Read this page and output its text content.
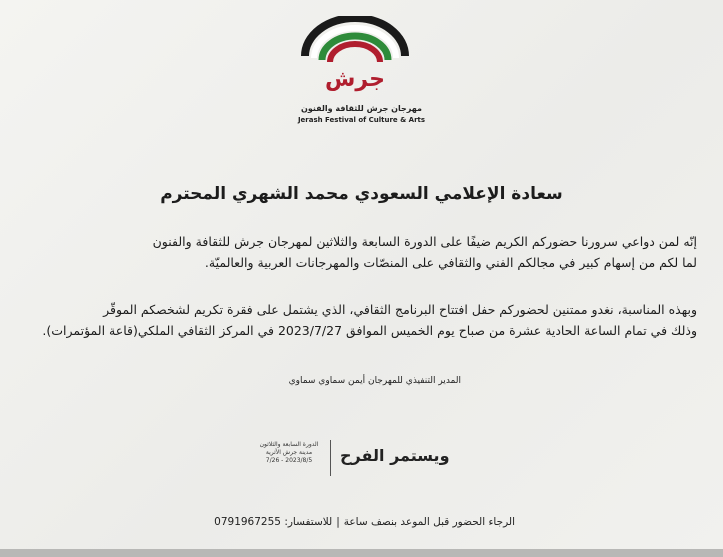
جرش
مهرجان جرش للثقافة والفنون
Jerash Festival of Culture & Arts
سعادة الإعلامي السعودي محمد الشهري المحترم
إنّه لمن دواعي سرورنا حضوركم الكريم ضيفًا على الدورة السابعة والثلاثين لمهرجان جرش للثقافة والفنون
لما لكم من إسهام كبير في مجالكم الفني والثقافي على المنصّات والمهرجانات العربية والعالميّة.
وبهذه المناسبة، نغدو ممتنين لحضوركم حفل افتتاح البرنامج الثقافي، الذي يشتمل على فقرة تكريم لشخصكم الموقّر
وذلك في تمام الساعة الحادية عشرة من صباح يوم الخميس الموافق 2023/7/27 في المركز الثقافي الملكي(قاعة المؤتمرات).
المدير التنفيذي للمهرجان أيمن سماوي سماوي
ويستمر الفرح
الدورة السابعة والثلاثون
مدينة جرش الأثرية
2023/8/5 - 7/26
الرجاء الحضور قبل الموعد بنصف ساعة|للاستفسار: 0791967255
